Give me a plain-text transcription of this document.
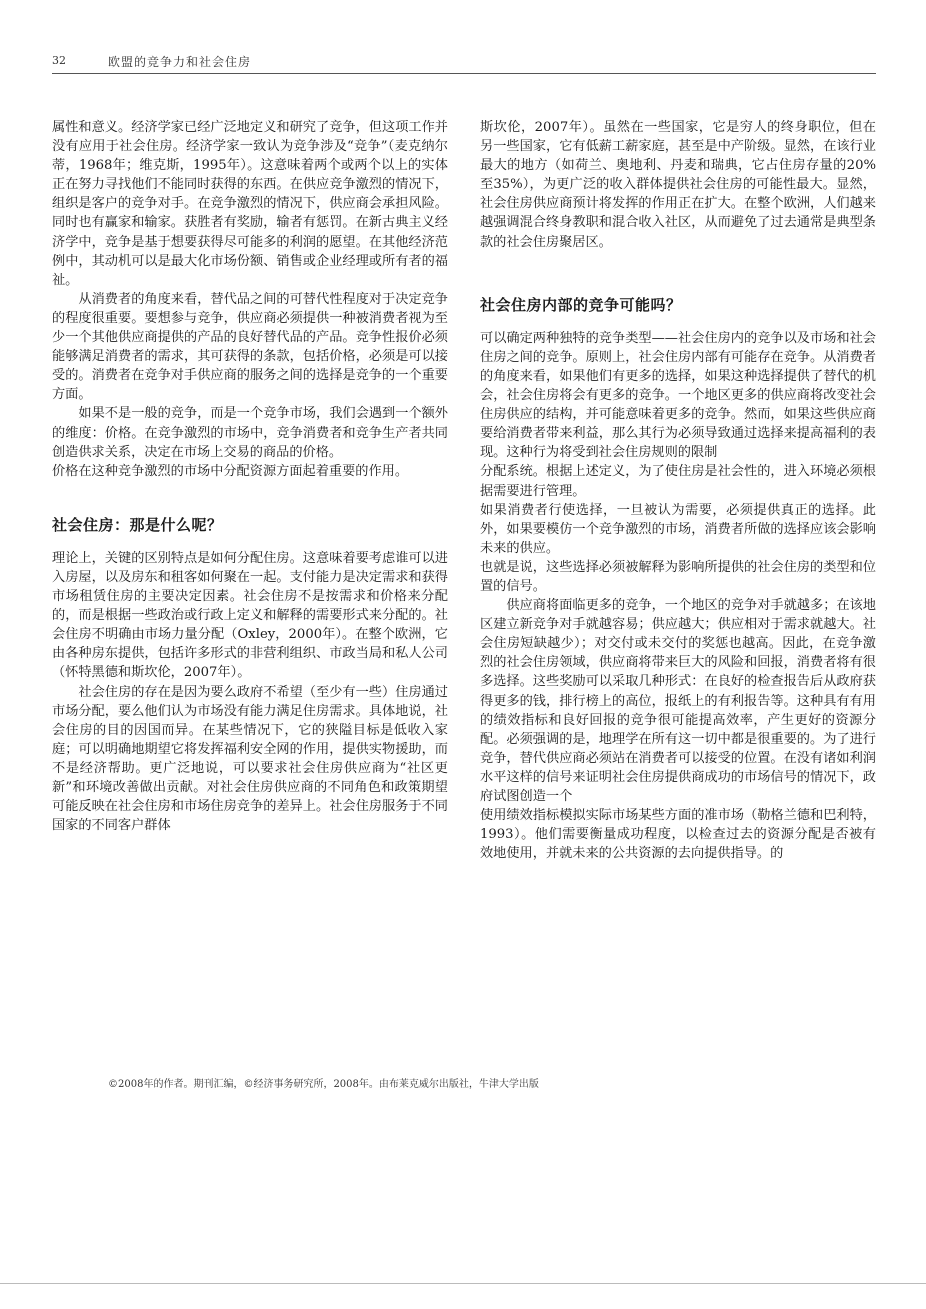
32	欧盟的竞争力和社会住房

属性和意义。经济学家已经广泛地定义和研究了竞争，但这项工作并没有应用于社会住房。经济学家一致认为竞争涉及“竞争”（麦克纳尔蒂，1968年；维克斯，1995年）。这意味着两个或两个以上的实体正在努力寻找他们不能同时获得的东西。在供应竞争激烈的情况下，组织是客户的竞争对手。在竞争激烈的情况下，供应商会承担风险。同时也有赢家和输家。获胜者有奖励，输者有惩罚。在新古典主义经济学中，竞争是基于想要获得尽可能多的利润的愿望。在其他经济范例中，其动机可以是最大化市场份额、销售或企业经理或所有者的福祉。

从消费者的角度来看，替代品之间的可替代性程度对于决定竞争的程度很重要。要想参与竞争，供应商必须提供一种被消费者视为至少一个其他供应商提供的产品的良好替代品的产品。竞争性报价必须能够满足消费者的需求，其可获得的条款，包括价格，必须是可以接受的。消费者在竞争对手供应商的服务之间的选择是竞争的一个重要方面。

如果不是一般的竞争，而是一个竞争市场，我们会遇到一个额外的维度：价格。在竞争激烈的市场中，竞争消费者和竞争生产者共同创造供求关系，决定在市场上交易的商品的价格。

价格在这种竞争激烈的市场中分配资源方面起着重要的作用。

社会住房：那是什么呢？

理论上，关键的区别特点是如何分配住房。这意味着要考虑谁可以进入房屋，以及房东和租客如何聚在一起。支付能力是决定需求和获得市场租赁住房的主要决定因素。社会住房不是按需求和价格来分配的，而是根据一些政治或行政上定义和解释的需要形式来分配的。社会住房不明确由市场力量分配（Oxley，2000年）。在整个欧洲，它由各种房东提供，包括许多形式的非营利组织、市政当局和私人公司（怀特黑德和斯坎伦，2007年）。

社会住房的存在是因为要么政府不希望（至少有一些）住房通过市场分配，要么他们认为市场没有能力满足住房需求。具体地说，社会住房的目的因国而异。在某些情况下，它的狭隘目标是低收入家庭；可以明确地期望它将发挥福利安全网的作用，提供实物援助，而不是经济帮助。更广泛地说，可以要求社会住房供应商为“社区更新”和环境改善做出贡献。对社会住房供应商的不同角色和政策期望可能反映在社会住房和市场住房竞争的差异上。社会住房服务于不同国家的不同客户群体

斯坎伦，2007年）。虽然在一些国家，它是穷人的终身职位，但在另一些国家，它有低薪工薪家庭，甚至是中产阶级。显然，在该行业最大的地方（如荷兰、奥地利、丹麦和瑞典，它占住房存量的20%至35%），为更广泛的收入群体提供社会住房的可能性最大。显然，社会住房供应商预计将发挥的作用正在扩大。在整个欧洲，人们越来越强调混合终身教职和混合收入社区，从而避免了过去通常是典型条款的社会住房聚居区。

社会住房内部的竞争可能吗？

可以确定两种独特的竞争类型——社会住房内的竞争以及市场和社会住房之间的竞争。原则上，社会住房内部有可能存在竞争。从消费者的角度来看，如果他们有更多的选择，如果这种选择提供了替代的机会，社会住房将会有更多的竞争。一个地区更多的供应商将改变社会住房供应的结构，并可能意味着更多的竞争。然而，如果这些供应商要给消费者带来利益，那么其行为必须导致通过选择来提高福利的表现。这种行为将受到社会住房规则的限制

分配系统。根据上述定义，为了使住房是社会性的，进入环境必须根据需要进行管理。

如果消费者行使选择，一旦被认为需要，必须提供真正的选择。此外，如果要模仿一个竞争激烈的市场，消费者所做的选择应该会影响未来的供应。

也就是说，这些选择必须被解释为影响所提供的社会住房的类型和位置的信号。

供应商将面临更多的竞争，一个地区的竞争对手就越多；在该地区建立新竞争对手就越容易；供应越大；供应相对于需求就越大。社会住房短缺越少）；对交付或未交付的奖惩也越高。因此，在竞争激烈的社会住房领域，供应商将带来巨大的风险和回报，消费者将有很多选择。这些奖励可以采取几种形式：在良好的检查报告后从政府获得更多的钱，排行榜上的高位，报纸上的有利报告等。这种具有有用的绩效指标和良好回报的竞争很可能提高效率，产生更好的资源分配。必须强调的是，地理学在所有这一切中都是很重要的。为了进行竞争，替代供应商必须站在消费者可以接受的位置。在没有诸如利润水平这样的信号来证明社会住房提供商成功的市场信号的情况下，政府试图创造一个

使用绩效指标模拟实际市场某些方面的准市场（勒格兰德和巴利特，1993）。他们需要衡量成功程度，以检查过去的资源分配是否被有效地使用，并就未来的公共资源的去向提供指导。的

©2008年的作者。期刊汇编，©经济事务研究所，2008年。由布莱克威尔出版社，牛津大学出版
